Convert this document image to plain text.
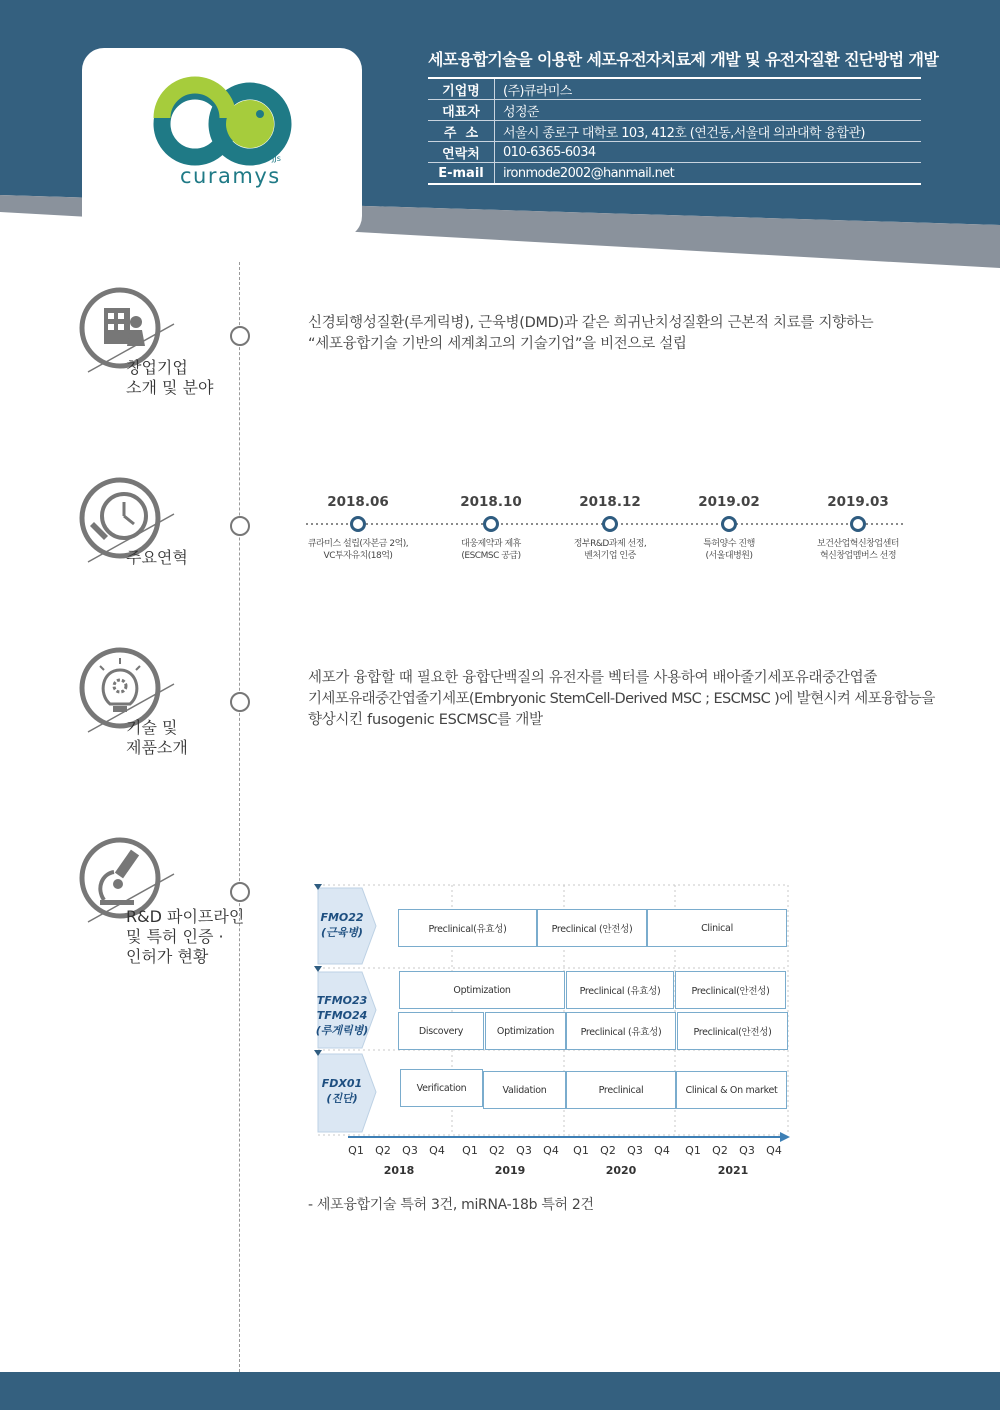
JJs
curamys
세포융합기술을 이용한 세포유전자치료제 개발 및 유전자질환 진단방법 개발
기업명	(주)큐라미스
대표자	성정준
주  소	서울시 종로구 대학로 103, 412호 (연건동,서울대 의과대학 융합관)
연락처	010-6365-6034
E-mail	ironmode2002@hanmail.net
창업기업
소개 및 분야
신경퇴행성질환(루게릭병), 근육병(DMD)과 같은 희귀난치성질환의 근본적 치료를 지향하는
“세포융합기술 기반의 세계최고의 기술기업”을 비전으로 설립
주요연혁
2018.06
큐라미스 설립(자본금 2억),
VC투자유치(18억)
2018.10
대웅제약과 제휴
(ESCMSC 공급)
2018.12
정부R&D과제 선정,
벤처기업 인증
2019.02
특허양수 진행
(서울대병원)
2019.03
보건산업혁신창업센터
혁신창업멤버스 선정
기술 및
제품소개
세포가 융합할 때 필요한 융합단백질의 유전자를 벡터를 사용하여 배아줄기세포유래중간엽줄
기세포유래중간엽줄기세포(Embryonic StemCell-Derived MSC ; ESCMSC )에 발현시켜 세포융합능을
향상시킨 fusogenic ESCMSC를 개발
R&D 파이프라인
및 특허 인증 ·
인허가 현황
FMO22
(근육병)
TFMO23
TFMO24
(루게릭병)
FDX01
(진단)
Preclinical(유효성)	Preclinical (안전성)	Clinical
Optimization	Preclinical (유효성)	Preclinical(안전성)
Discovery	Optimization	Preclinical (유효성)	Preclinical(안전성)
Verification	Validation	Preclinical	Clinical & On market
Q1	Q2	Q3	Q4	Q1	Q2	Q3	Q4	Q1	Q2	Q3	Q4	Q1	Q2	Q3	Q4
2018	2019	2020	2021
- 세포융합기술 특허 3건, miRNA-18b 특허 2건
